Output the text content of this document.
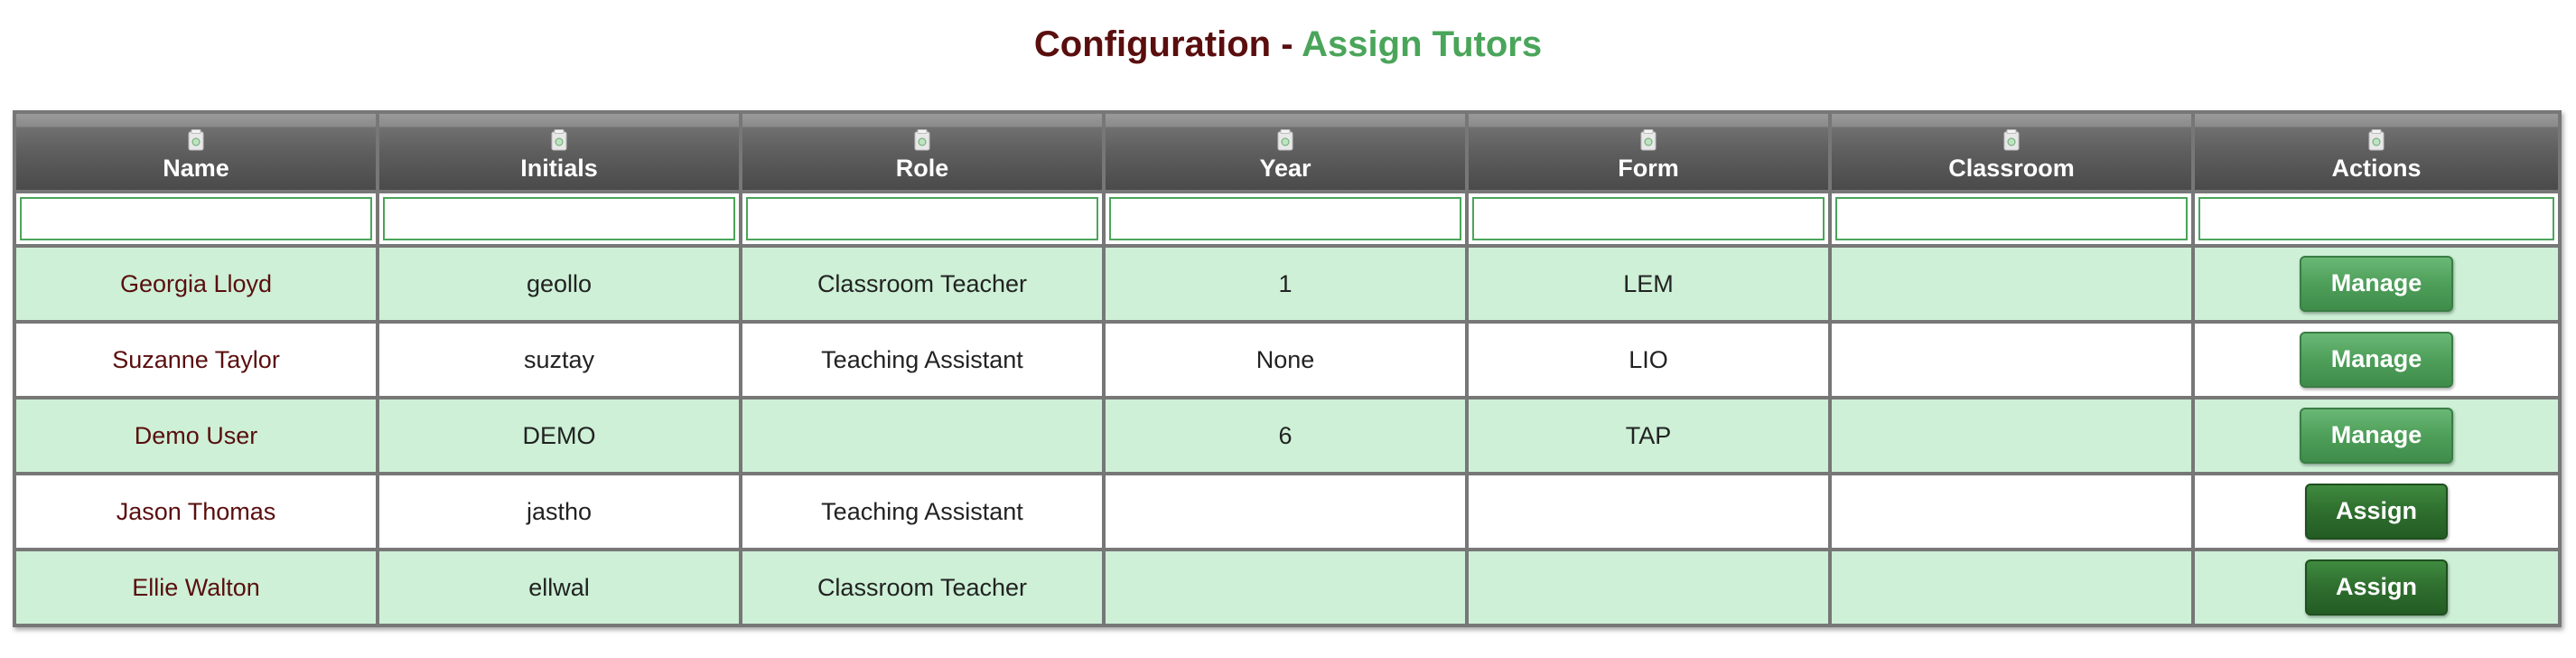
Configuration - Assign Tutors
Name	Initials	Role	Year	Form	Classroom	Actions

Georgia Lloyd	geollo	Classroom Teacher	1	LEM		Manage
Suzanne Taylor	suztay	Teaching Assistant	None	LIO		Manage
Demo User	DEMO		6	TAP		Manage
Jason Thomas	jastho	Teaching Assistant				Assign
Ellie Walton	ellwal	Classroom Teacher				Assign
